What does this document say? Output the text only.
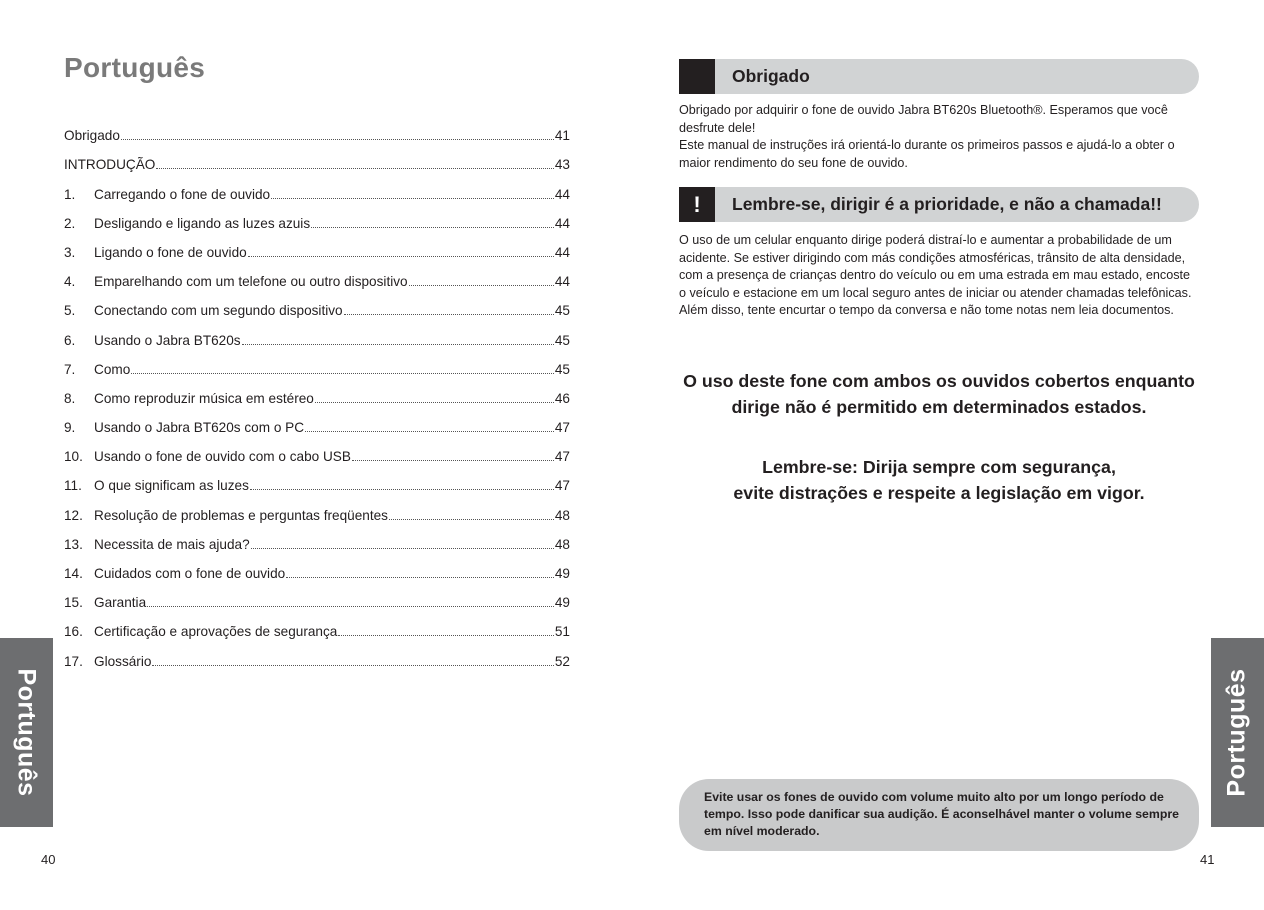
Português
Obrigado	41
INTRODUÇÃO	43
1.	Carregando o fone de ouvido	44
2.	Desligando e ligando as luzes azuis	44
3.	Ligando o fone de ouvido	44
4.	Emparelhando com um telefone ou outro dispositivo	44
5.	Conectando com um segundo dispositivo	45
6.	Usando o Jabra BT620s	45
7.	Como	45
8.	Como reproduzir música em estéreo	46
9.	Usando o Jabra BT620s com o PC	47
10. Usando o fone de ouvido com o cabo USB	47
11. O que significam as luzes	47
12. Resolução de problemas e perguntas freqüentes	48
13. Necessita de mais ajuda?	48
14. Cuidados com o fone de ouvido	49
15. Garantia	49
16. Certificação e aprovações de segurança	51
17. Glossário	52
Português
40
Obrigado

Obrigado por adquirir o fone de ouvido Jabra BT620s Bluetooth®. Esperamos que você desfrute dele!

Este manual de instruções irá orientá-lo durante os primeiros passos e ajudá-lo a obter o maior rendimento do seu fone de ouvido.

!	Lembre-se, dirigir é a prioridade, e não a chamada!!

O uso de um celular enquanto dirige poderá distraí-lo e aumentar a probabilidade de um acidente. Se estiver dirigindo com más condições atmosféricas, trânsito de alta densidade, com a presença de crianças dentro do veículo ou em uma estrada em mau estado, encoste o veículo e estacione em um local seguro antes de iniciar ou atender chamadas telefônicas. Além disso, tente encurtar o tempo da conversa e não tome notas nem leia documentos.

O uso deste fone com ambos os ouvidos cobertos enquanto
dirige não é permitido em determinados estados.
Lembre-se: Dirija sempre com segurança,
evite distrações e respeite a legislação em vigor.
Evite usar os fones de ouvido com volume muito alto por um longo período de tempo. Isso pode danificar sua audição. É aconselhável manter o volume sempre em nível moderado.
Português
41
